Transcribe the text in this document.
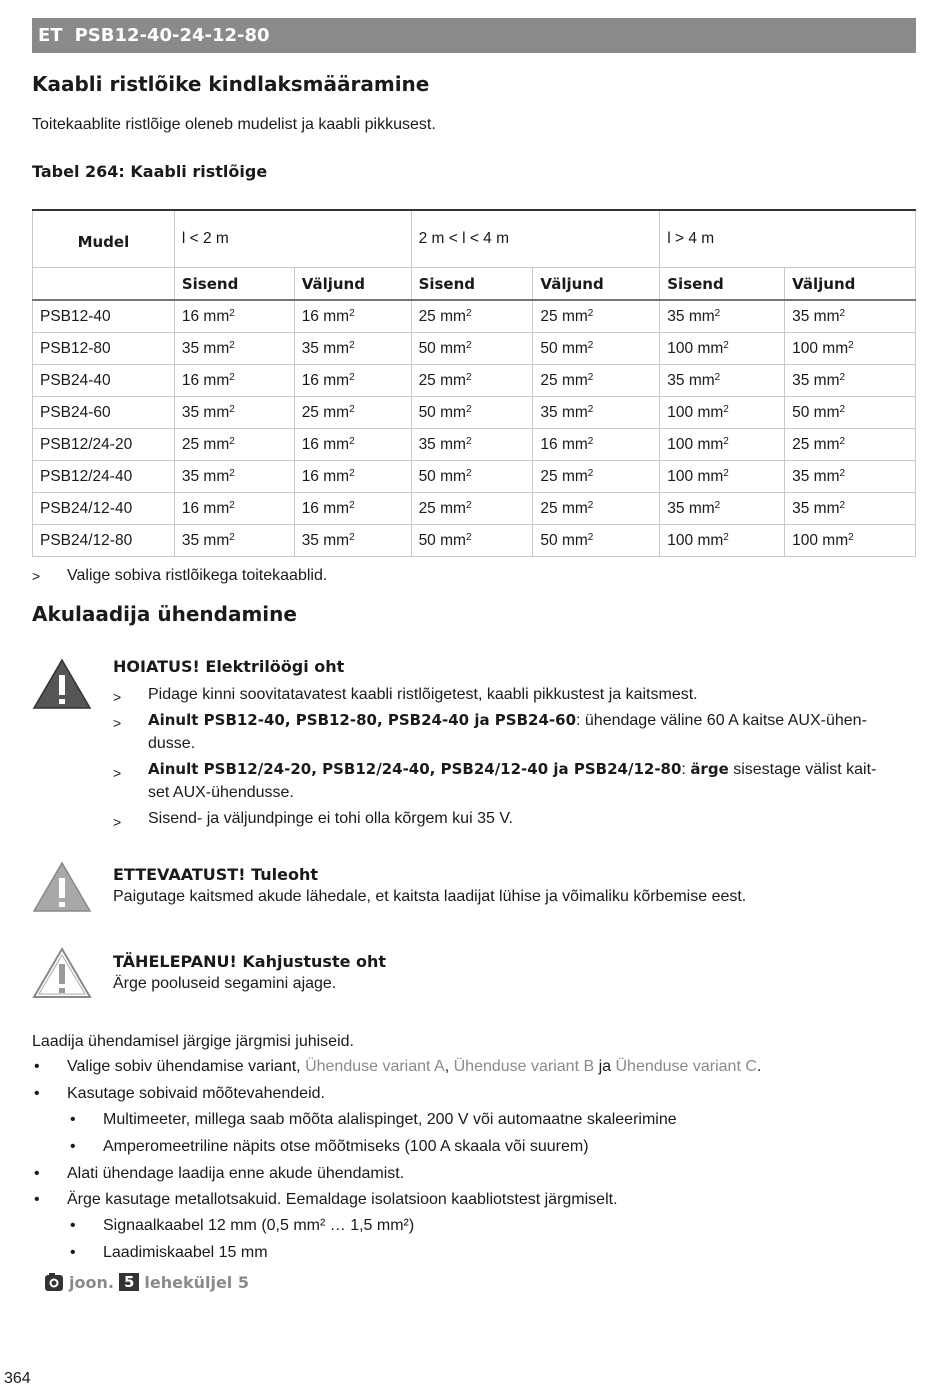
ET PSB12-40-24-12-80
Kaabli ristlõike kindlaksmääramine

Toitekaablite ristlõige oleneb mudelist ja kaabli pikkusest.

Tabel 264: Kaabli ristlõige

Mudel	l < 2 m		2 m < l < 4 m		l > 4 m	
	Sisend	Väljund	Sisend	Väljund	Sisend	Väljund
PSB12-40	16 $mm^2$	16 $mm^2$	25 $mm^2$	25 $mm^2$	35 $mm^2$	35 $mm^2$
PSB12-80	35 $mm^2$	35 $mm^2$	50 $mm^2$	50 $mm^2$	100 $mm^2$	100 $mm^2$
PSB24-40	16 $mm^2$	16 $mm^2$	25 $mm^2$	25 $mm^2$	35 $mm^2$	35 $mm^2$
PSB24-60	35 $mm^2$	25 $mm^2$	50 $mm^2$	35 $mm^2$	100 $mm^2$	50 $mm^2$
PSB12/24-20	25 $mm^2$	16 $mm^2$	35 $mm^2$	16 $mm^2$	100 $mm^2$	25 $mm^2$
PSB12/24-40	35 $mm^2$	16 $mm^2$	50 $mm^2$	25 $mm^2$	100 $mm^2$	35 $mm^2$
PSB24/12-40	16 $mm^2$	16 $mm^2$	25 $mm^2$	25 $mm^2$	35 $mm^2$	35 $mm^2$
PSB24/12-80	35 $mm^2$	35 $mm^2$	50 $mm^2$	50 $mm^2$	100 $mm^2$	100 $mm^2$
> Valige sobiva ristlõikega toitekaablid.

Akulaadija ühendamine

HOIATUS! Elektrilöögi oht

> Pidage kinni soovitatavatest kaabli ristlõigetest, kaabli pikkustest ja kaitsmest.
> Ainult PSB12-40, PSB12-80, PSB24-40 ja PSB24-60: ühendage väline 60 A kaitse AUX-ühen-
dusse.
> Ainult PSB12/24-20, PSB12/24-40, PSB24/12-40 ja PSB24/12-80: ärge sisestage välist kait-
set AUX-ühendusse.
> Sisend- ja väljundpinge ei tohi olla kõrgem kui 35 V.

ETTEVAATUST! Tuleoht

Paigutage kaitsmed akude lähedale, et kaitsta laadijat lühise ja võimaliku kõrbemise eest.

TÄHELEPANU! Kahjustuste oht

Ärge pooluseid segamini ajage.

Laadija ühendamisel järgige järgmisi juhiseid.

• Valige sobiv ühendamise variant, Ühenduse variant A, Ühenduse variant B ja Ühenduse variant C.
• Kasutage sobivaid mõõtevahendeid.
• Multimeeter, millega saab mõõta alalispinget, 200 V või automaatne skaleerimine
• Amperomeetriline näpits otse mõõtmiseks (100 A skaala või suurem)
• Alati ühendage laadija enne akude ühendamist.
• Ärge kasutage metallotsakuid. Eemaldage isolatsioon kaabliotstest järgmiselt.
• Signaalkaabel 12 mm (0,5 mm² … 1,5 mm²)
• Laadimiskaabel 15 mm
joon. 5 leheküljel 5
364
